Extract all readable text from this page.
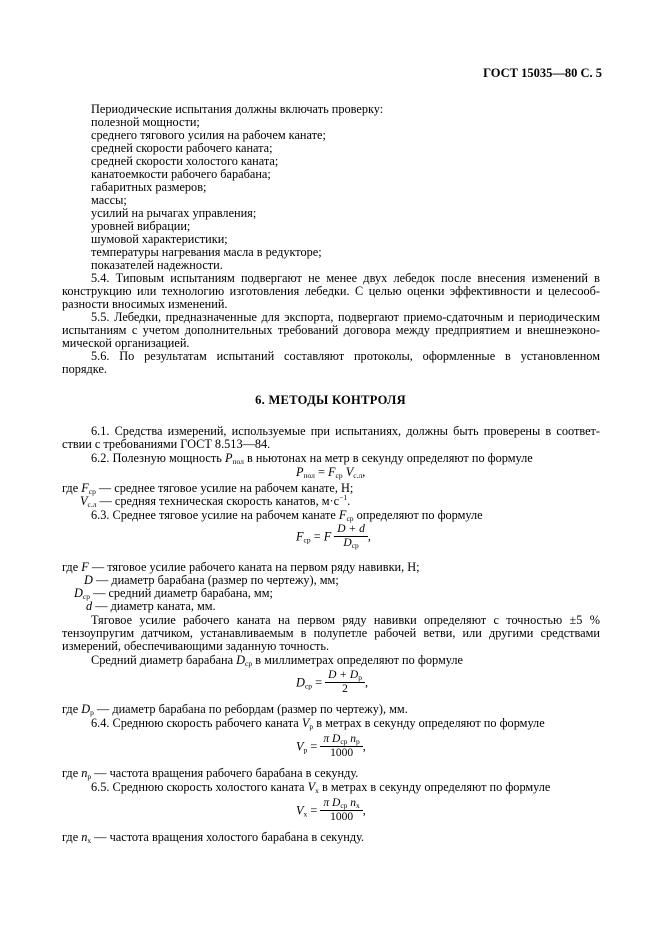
ГОСТ 15035—80 С. 5
Периодические испытания должны включать проверку:
полезной мощности;
среднего тягового усилия на рабочем канате;
средней скорости рабочего каната;
средней скорости холостого каната;
канатоемкости рабочего барабана;
габаритных размеров;
массы;
усилий на рычагах управления;
уровней вибрации;
шумовой характеристики;
температуры нагревания масла в редукторе;
показателей надежности.
5.4. Типовым испытаниям подвергают не менее двух лебедок после внесения изменений в
конструкцию или технологию изготовления лебедки. С целью оценки эффективности и целесооб-
разности вносимых изменений.
5.5. Лебедки, предназначенные для экспорта, подвергают приемо-сдаточным и периодическим
испытаниям с учетом дополнительных требований договора между предприятием и внешнеэконо-
мической организацией.
5.6. По результатам испытаний составляют протоколы, оформленные в установленном
порядке.
6. МЕТОДЫ КОНТРОЛЯ
6.1. Средства измерений, используемые при испытаниях, должны быть проверены в соответ-
ствии с требованиями ГОСТ 8.513—84.
6.2. Полезную мощность $P_{пол}$ в ньютонах на метр в секунду определяют по формуле
$P_{пол} = F_{ср}$ $V_{с.л}$,
где $F_{ср}$ — среднее тяговое усилие на рабочем канате, Н;
$V_{с.л}$ — средняя техническая скорость канатов, $м\cdot с^{-1}$.
6.3. Среднее тяговое усилие на рабочем канате $F_{ср}$ определяют по формуле
$F_{ср} = F \frac{D + d}{D_{ср}}$ ,
где F — тяговое усилие рабочего каната на первом ряду навивки, Н;
D — диаметр барабана (размер по чертежу), мм;
$D_{ср}$ — средний диаметр барабана, мм;
d — диаметр каната, мм.
Тяговое усилие рабочего каната на первом ряду навивки определяют с точностью ±5 %
тензоупругим датчиком, устанавливаемым в полупетле рабочей ветви, или другими средствами
измерений, обеспечивающими заданную точность.
Средний диаметр барабана $D_{ср}$ в миллиметрах определяют по формуле
$D_{ср} = \frac{D + D_р}{2}$ ,
где $D_р$ — диаметр барабана по ребордам (размер по чертежу), мм.
6.4. Среднюю скорость рабочего каната $V_р$ в метрах в секунду определяют по формуле
$V_р = \frac{\pi D_{ср} n_р}{1000}$ ,
где $n_р$ — частота вращения рабочего барабана в секунду.
6.5. Среднюю скорость холостого каната $V_х$ в метрах в секунду определяют по формуле
$V_х = \frac{\pi D_{ср} n_х}{1000}$ ,
где $n_х$ — частота вращения холостого барабана в секунду.
